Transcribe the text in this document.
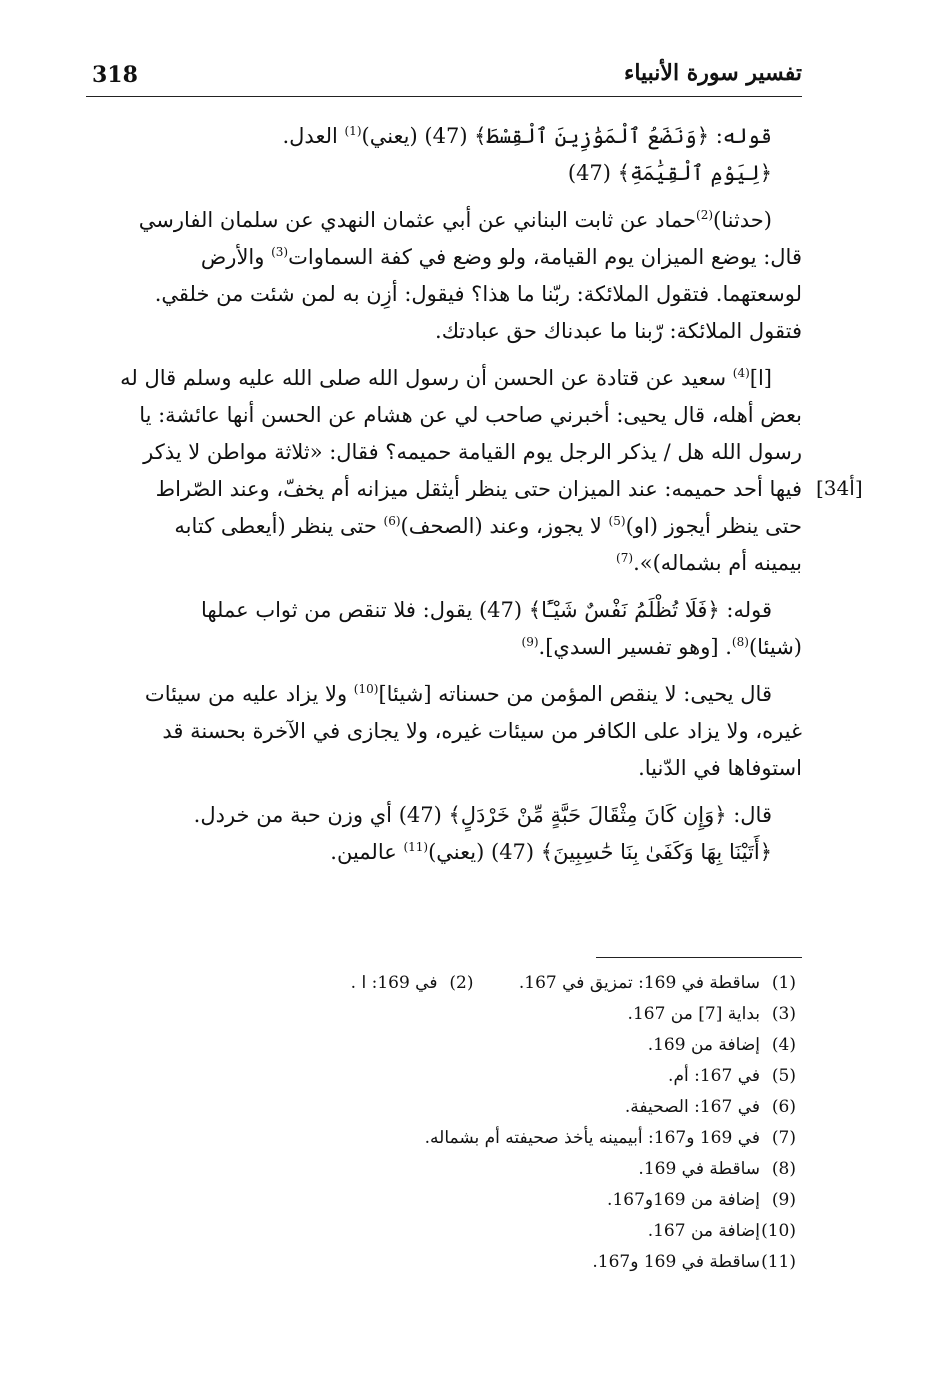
318	تفسير سورة الأنبياء
[34أ]
قوله: ﴿وَنَضَعُ ٱلْمَوَٰزِينَ ٱلْقِسْطَ﴾ (47) (يعني)$^{(1)}$ العدل.
﴿لِيَوْمِ ٱلْقِيَٰمَةِ﴾ (47)
(حدثنا)$^{(2)}$حماد عن ثابت البناني عن أبي عثمان النهدي عن سلمان الفارسي
قال: يوضع الميزان يوم القيامة، ولو وضع في كفة السماوات$^{(3)}$ والأرض
لوسعتهما. فتقول الملائكة: ربّنا ما هذا؟ فيقول: أزِن به لمن شئت من خلقي.
فتقول الملائكة: رّبنا ما عبدناك حق عبادتك.
[ا]$^{(4)}$ سعيد عن قتادة عن الحسن أن رسول الله صلى الله عليه وسلم قال له
بعض أهله، قال يحيى: أخبرني صاحب لي عن هشام عن الحسن أنها عائشة: يا
رسول الله هل / يذكر الرجل يوم القيامة حميمه؟ فقال: «ثلاثة مواطن لا يذكر
فيها أحد حميمه: عند الميزان حتى ينظر أيثقل ميزانه أم يخفّ، وعند الصّراط
حتى ينظر أيجوز (او)$^{(5)}$ لا يجوز، وعند (الصحف)$^{(6)}$ حتى ينظر (أيعطى كتابه
بيمينه أم بشماله)».$^{(7)}$
قوله: ﴿فَلَا تُظْلَمُ نَفْسٌ شَيْـًٔا﴾ (47) يقول: فلا تنقص من ثواب عملها
(شيئا)$^{(8)}$. [وهو تفسير السدي].$^{(9)}$
قال يحيى: لا ينقص المؤمن من حسناته [شيئا]$^{(10)}$ ولا يزاد عليه من سيئات
غيره، ولا يزاد على الكافر من سيئات غيره، ولا يجازى في الآخرة بحسنة قد
استوفاها في الدّنيا.
قال: ﴿وَإِن كَانَ مِثْقَالَ حَبَّةٍ مِّنْ خَرْدَلٍ﴾ (47) أي وزن حبة من خردل.
﴿أَتَيْنَا بِهَا وَكَفَىٰ بِنَا حَٰسِبِينَ﴾ (47) (يعني)$^{(11)}$ عالمين.
(1)ساقطة في 169: تمزيق في 167. (2)في 169: ا .
(3)بداية [7] من 167.
(4)إضافة من 169.
(5)في 167: أم.
(6)في 167: الصحيفة.
(7)في 169 و167: أبيمينه يأخذ صحيفته أم بشماله.
(8)ساقطة في 169.
(9)إضافة من 169و167.
(10)إضافة من 167.
(11)ساقطة في 169 و167.
